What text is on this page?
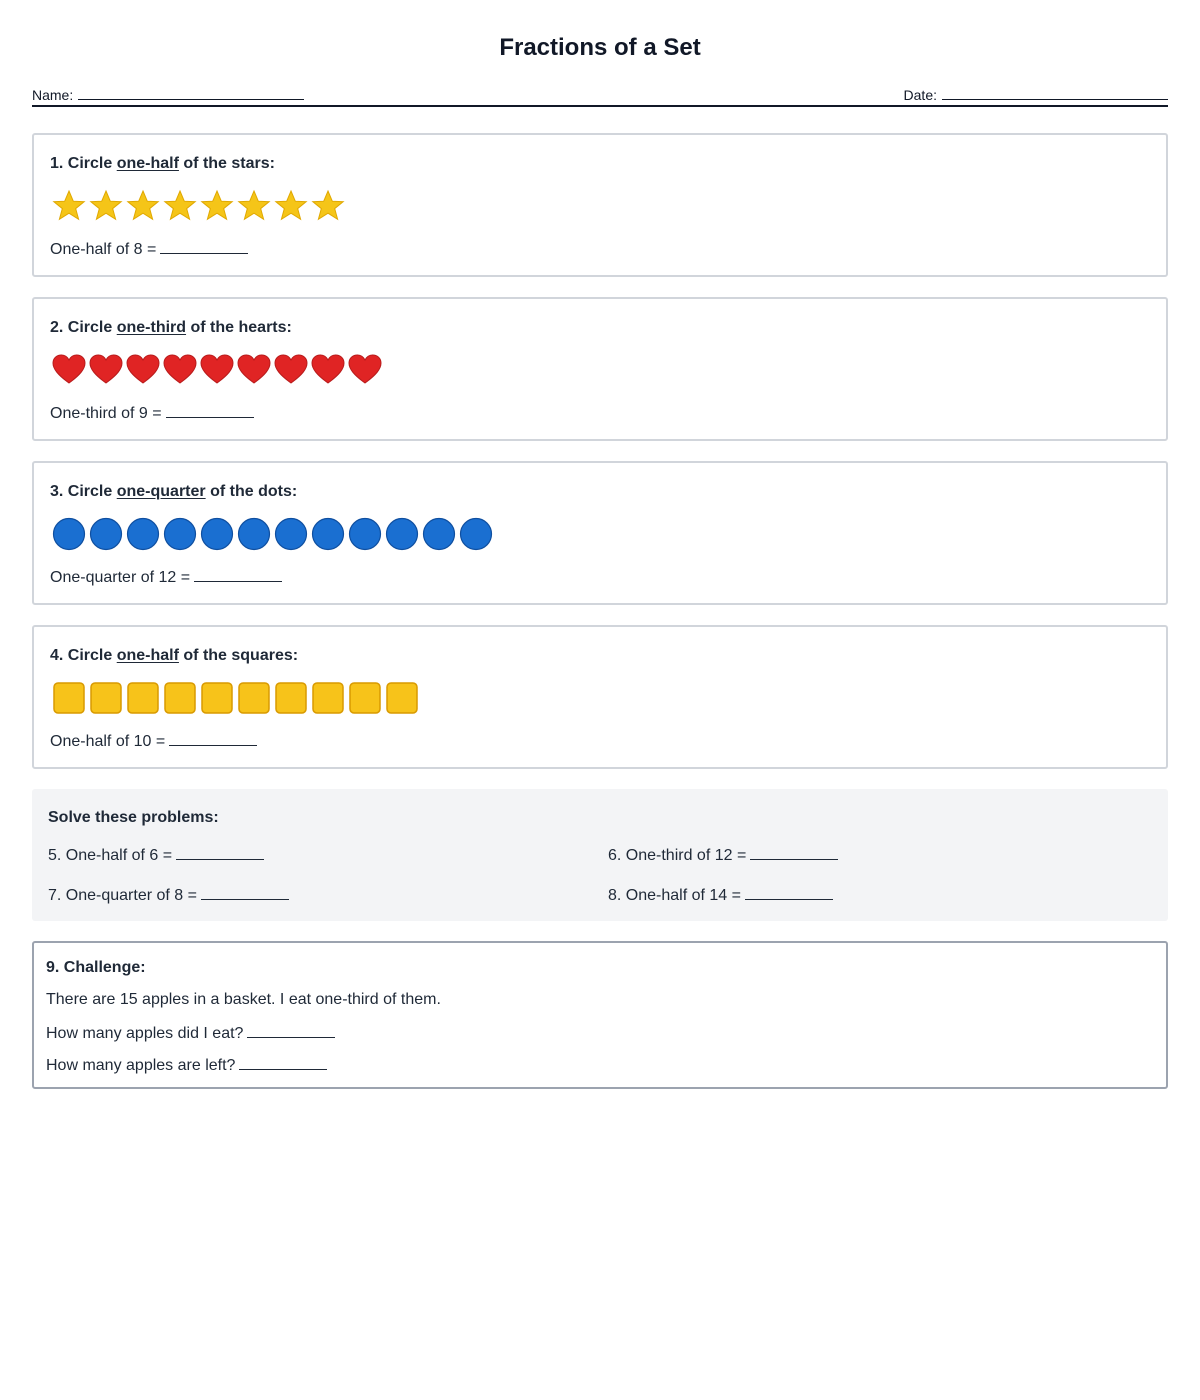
Fractions of a Set
Name:	Date:
1. Circle one-half of the stars:
One-half of 8 =
2. Circle one-third of the hearts:
One-third of 9 =
3. Circle one-quarter of the dots:
One-quarter of 12 =
4. Circle one-half of the squares:
One-half of 10 =
Solve these problems:
5. One-half of 6 =	6. One-third of 12 =
7. One-quarter of 8 =	8. One-half of 14 =

9. Challenge:

There are 15 apples in a basket. I eat one-third of them.

How many apples did I eat?

How many apples are left?
